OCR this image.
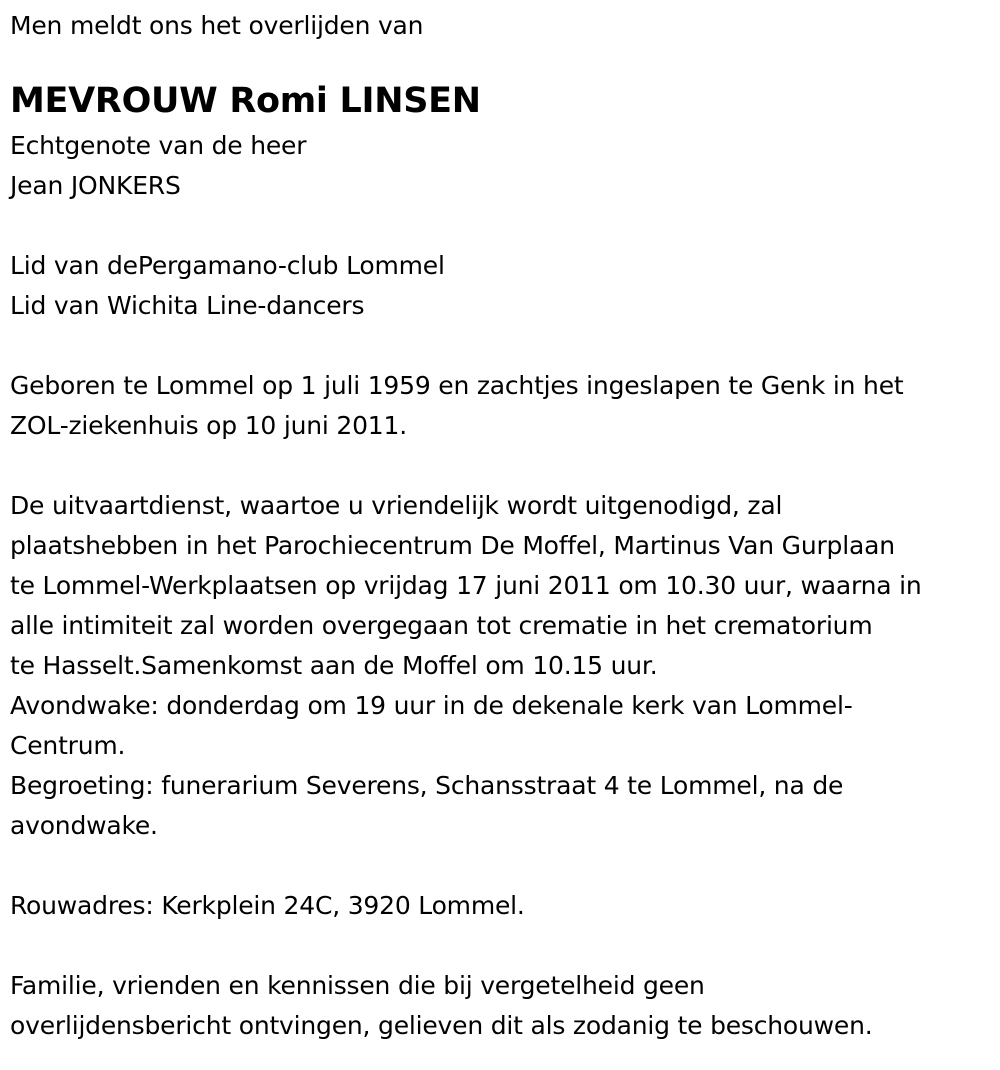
Men meldt ons het overlijden van

MEVROUW Romi LINSEN

Echtgenote van de heer

Jean JONKERS

Lid van dePergamano-club Lommel

Lid van Wichita Line-dancers

Geboren te Lommel op 1 juli 1959 en zachtjes ingeslapen te Genk in het

ZOL-ziekenhuis op 10 juni 2011.

De uitvaartdienst, waartoe u vriendelijk wordt uitgenodigd, zal

plaatshebben in het Parochiecentrum De Moffel, Martinus Van Gurplaan

te Lommel-Werkplaatsen op vrijdag 17 juni 2011 om 10.30 uur, waarna in

alle intimiteit zal worden overgegaan tot crematie in het crematorium

te Hasselt.Samenkomst aan de Moffel om 10.15 uur.

Avondwake: donderdag om 19 uur in de dekenale kerk van Lommel-

Centrum.

Begroeting: funerarium Severens, Schansstraat 4 te Lommel, na de

avondwake.

Rouwadres: Kerkplein 24C, 3920 Lommel.

Familie, vrienden en kennissen die bij vergetelheid geen

overlijdensbericht ontvingen, gelieven dit als zodanig te beschouwen.
